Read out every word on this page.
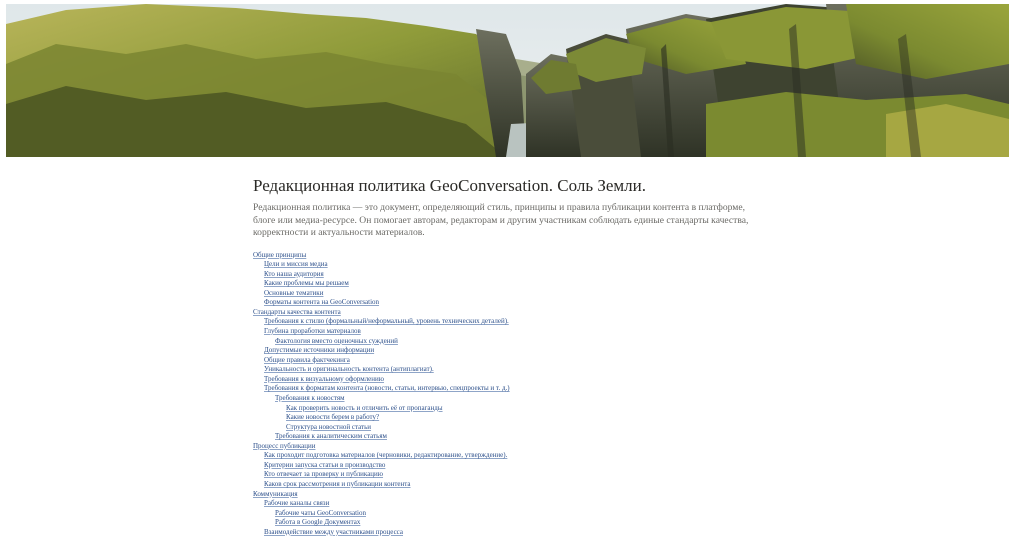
Редакционная политика GeoConversation. Соль Земли.

Редакционная политика — это документ, определяющий стиль, принципы и правила публикации контента в платформе, блоге или медиа-ресурсе. Он помогает авторам, редакторам и другим участникам соблюдать единые стандарты качества, корректности и актуальности материалов.

Общие принципы
Цели и миссия медиа
Кто наша аудитория
Какие проблемы мы решаем
Основные тематики
Форматы контента на GeoConversation
Стандарты качества контента
Требования к стилю (формальный/неформальный, уровень технических деталей).
Глубина проработки материалов
Фактология вместо оценочных суждений
Допустимые источники информации
Общие правила фактчекинга
Уникальность и оригинальность контента (антиплагиат).
Требования к визуальному оформлению
Требования к форматам контента (новости, статьи, интервью, спецпроекты и т. д.)
Требования к новостям
Как проверить новость и отличить её от пропаганды
Какие новости берем в работу?
Структура новостной статьи
Требования к аналитическим статьям
Процесс публикации
Как проходит подготовка материалов (черновики, редактирование, утверждение).
Критерии запуска статьи в производство
Кто отвечает за проверку и публикацию
Каков срок рассмотрения и публикации контента
Коммуникация
Рабочие каналы связи
Рабочие чаты GeoConversation
Работа в Google Документах
Взаимодействие между участниками процесса
